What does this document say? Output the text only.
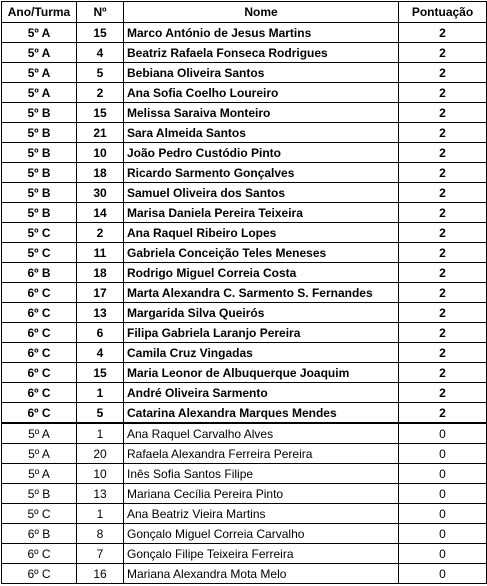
Ano/Turma	Nº	Nome	Pontuação
5º A	15	Marco António de Jesus Martins	2
5º A	4	Beatriz Rafaela Fonseca Rodrigues	2
5º A	5	Bebiana Oliveira Santos	2
5º A	2	Ana Sofia Coelho Loureiro	2
5º B	15	Melissa Saraiva Monteiro	2
5º B	21	Sara Almeida Santos	2
5º B	10	João Pedro Custódio Pinto	2
5º B	18	Ricardo Sarmento Gonçalves	2
5º B	30	Samuel Oliveira dos Santos	2
5º B	14	Marisa Daniela Pereira Teixeira	2
5º C	2	Ana Raquel Ribeiro Lopes	2
5º C	11	Gabriela Conceição Teles Meneses	2
6º B	18	Rodrigo Miguel Correia Costa	2
6º C	17	Marta Alexandra C. Sarmento S. Fernandes	2
6º C	13	Margarida Silva Queirós	2
6º C	6	Filipa Gabriela Laranjo Pereira	2
6º C	4	Camila Cruz Vingadas	2
6º C	15	Maria Leonor de Albuquerque Joaquim	2
6º C	1	André Oliveira Sarmento	2
6º C	5	Catarina Alexandra Marques Mendes	2
5º A	1	Ana Raquel Carvalho Alves	0
5º A	20	Rafaela Alexandra Ferreira Pereira	0
5º A	10	Inês Sofia Santos Filipe	0
5º B	13	Mariana Cecília Pereira Pinto	0
5º C	1	Ana Beatriz Vieira Martins	0
6º B	8	Gonçalo Miguel Correia Carvalho	0
6º C	7	Gonçalo Filipe Teixeira Ferreira	0
6º C	16	Mariana Alexandra Mota Melo	0
